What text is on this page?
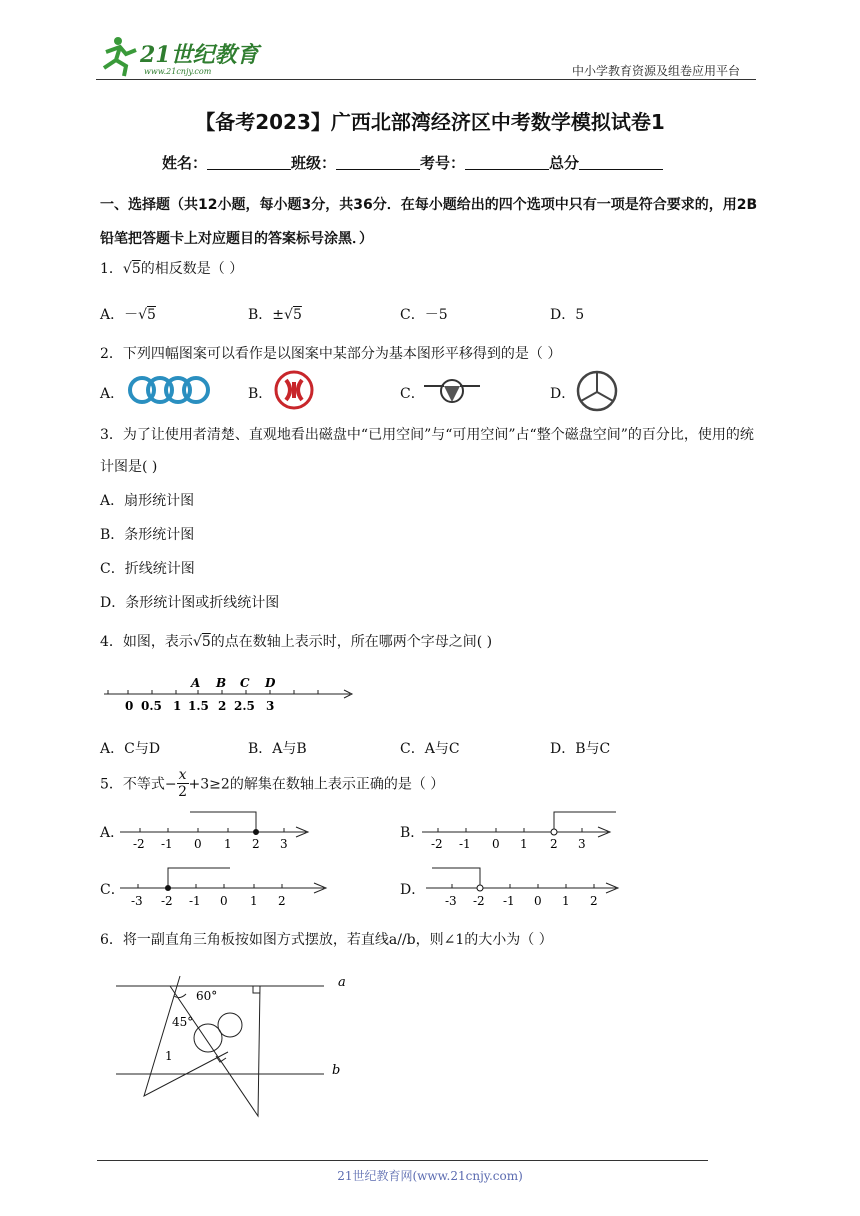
21世纪教育
www.21cnjy.com	中小学教育资源及组卷应用平台
【备考2023】广西北部湾经济区中考数学模拟试卷1
姓名：	班级：	考号：	总分
一、选择题（共12小题，每小题3分，共36分．在每小题给出的四个选项中只有一项是符合要求的，用2B铅笔把答题卡上对应题目的答案标号涂黑．）
1．√5的相反数是（ ）
A．－√5	B．±√5	C．－5	D．5
2．下列四幅图案可以看作是以图案中某部分为基本图形平移得到的是（ ）
A．	B．	C．	D．
3．为了让使用者清楚、直观地看出磁盘中“已用空间”与“可用空间”占“整个磁盘空间”的百分比，使用的统计图是( )
A．扇形统计图
B．条形统计图
C．折线统计图
D．条形统计图或折线统计图
4．如图，表示√5的点在数轴上表示时，所在哪两个字母之间( )
A B C D
0 0.5 1 1.5 2 2.5 3
A．C与D	B．A与B	C．A与C	D．B与C
5．不等式− $\frac{x}{2} +3\ge 2$的解集在数轴上表示正确的是（ ）
A．
-2 -1 0 1 2 3
B．
-2 -1 0 1 2 3
C．
-3 -2 -1 0 1 2
D．
-3 -2 -1 0 1 2
6．将一副直角三角板按如图方式摆放，若直线a//b，则∠1的大小为（ ）
a
b
60°
45°
1
21世纪教育网(www.21cnjy.com)
